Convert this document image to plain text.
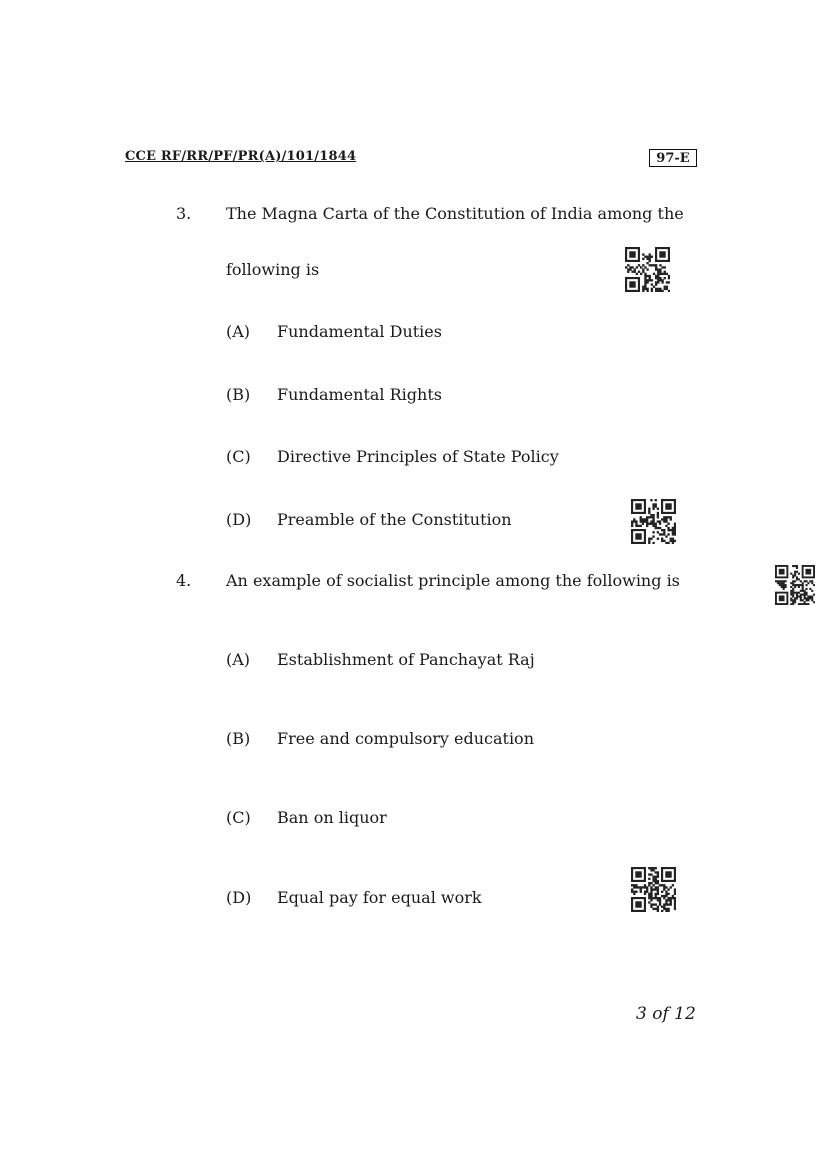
CCE RF/RR/PF/PR(A)/101/1844	97-E
3. The Magna Carta of the Constitution of India among the
following is
(A) Fundamental Duties
(B) Fundamental Rights
(C) Directive Principles of State Policy
(D) Preamble of the Constitution
4. An example of socialist principle among the following is
(A) Establishment of Panchayat Raj
(B) Free and compulsory education
(C) Ban on liquor
(D) Equal pay for equal work
3 of 12
